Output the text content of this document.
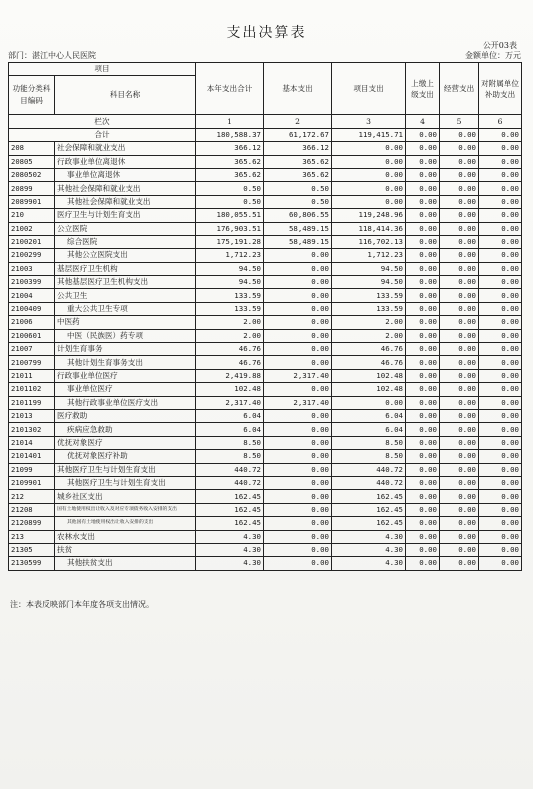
支出决算表
公开03表
部门：湛江中心人民医院	金额单位：万元
项目		本年支出合计	基本支出	项目支出	上缴上级支出	经营支出	对附属单位补助支出
功能分类科目编码	科目名称						
栏次		1	2	3	4	5	6
合计		180,588.37	61,172.67	119,415.71	0.00	0.00	0.00
208	社会保障和就业支出	366.12	366.12	0.00	0.00	0.00	0.00
20805	行政事业单位离退休	365.62	365.62	0.00	0.00	0.00	0.00
2080502	事业单位离退休	365.62	365.62	0.00	0.00	0.00	0.00
20899	其他社会保障和就业支出	0.50	0.50	0.00	0.00	0.00	0.00
2089901	其他社会保障和就业支出	0.50	0.50	0.00	0.00	0.00	0.00
210	医疗卫生与计划生育支出	180,055.51	60,806.55	119,248.96	0.00	0.00	0.00
21002	公立医院	176,903.51	58,489.15	118,414.36	0.00	0.00	0.00
2100201	综合医院	175,191.28	58,489.15	116,702.13	0.00	0.00	0.00
2100299	其他公立医院支出	1,712.23	0.00	1,712.23	0.00	0.00	0.00
21003	基层医疗卫生机构	94.50	0.00	94.50	0.00	0.00	0.00
2100399	其他基层医疗卫生机构支出	94.50	0.00	94.50	0.00	0.00	0.00
21004	公共卫生	133.59	0.00	133.59	0.00	0.00	0.00
2100409	重大公共卫生专项	133.59	0.00	133.59	0.00	0.00	0.00
21006	中医药	2.00	0.00	2.00	0.00	0.00	0.00
2100601	中医（民族医）药专项	2.00	0.00	2.00	0.00	0.00	0.00
21007	计划生育事务	46.76	0.00	46.76	0.00	0.00	0.00
2100799	其他计划生育事务支出	46.76	0.00	46.76	0.00	0.00	0.00
21011	行政事业单位医疗	2,419.88	2,317.40	102.48	0.00	0.00	0.00
2101102	事业单位医疗	102.48	0.00	102.48	0.00	0.00	0.00
2101199	其他行政事业单位医疗支出	2,317.40	2,317.40	0.00	0.00	0.00	0.00
21013	医疗救助	6.04	0.00	6.04	0.00	0.00	0.00
2101302	疾病应急救助	6.04	0.00	6.04	0.00	0.00	0.00
21014	优抚对象医疗	8.50	0.00	8.50	0.00	0.00	0.00
2101401	优抚对象医疗补助	8.50	0.00	8.50	0.00	0.00	0.00
21099	其他医疗卫生与计划生育支出	440.72	0.00	440.72	0.00	0.00	0.00
2109901	其他医疗卫生与计划生育支出	440.72	0.00	440.72	0.00	0.00	0.00
212	城乡社区支出	162.45	0.00	162.45	0.00	0.00	0.00
21208	国有土地使用权出让收入及对应专项债务收入安排的支出	162.45	0.00	162.45	0.00	0.00	0.00
2120899	其他国有土地使用权出让收入安排的支出	162.45	0.00	162.45	0.00	0.00	0.00
213	农林水支出	4.30	0.00	4.30	0.00	0.00	0.00
21305	扶贫	4.30	0.00	4.30	0.00	0.00	0.00
2130599	其他扶贫支出	4.30	0.00	4.30	0.00	0.00	0.00
注：本表反映部门本年度各项支出情况。
